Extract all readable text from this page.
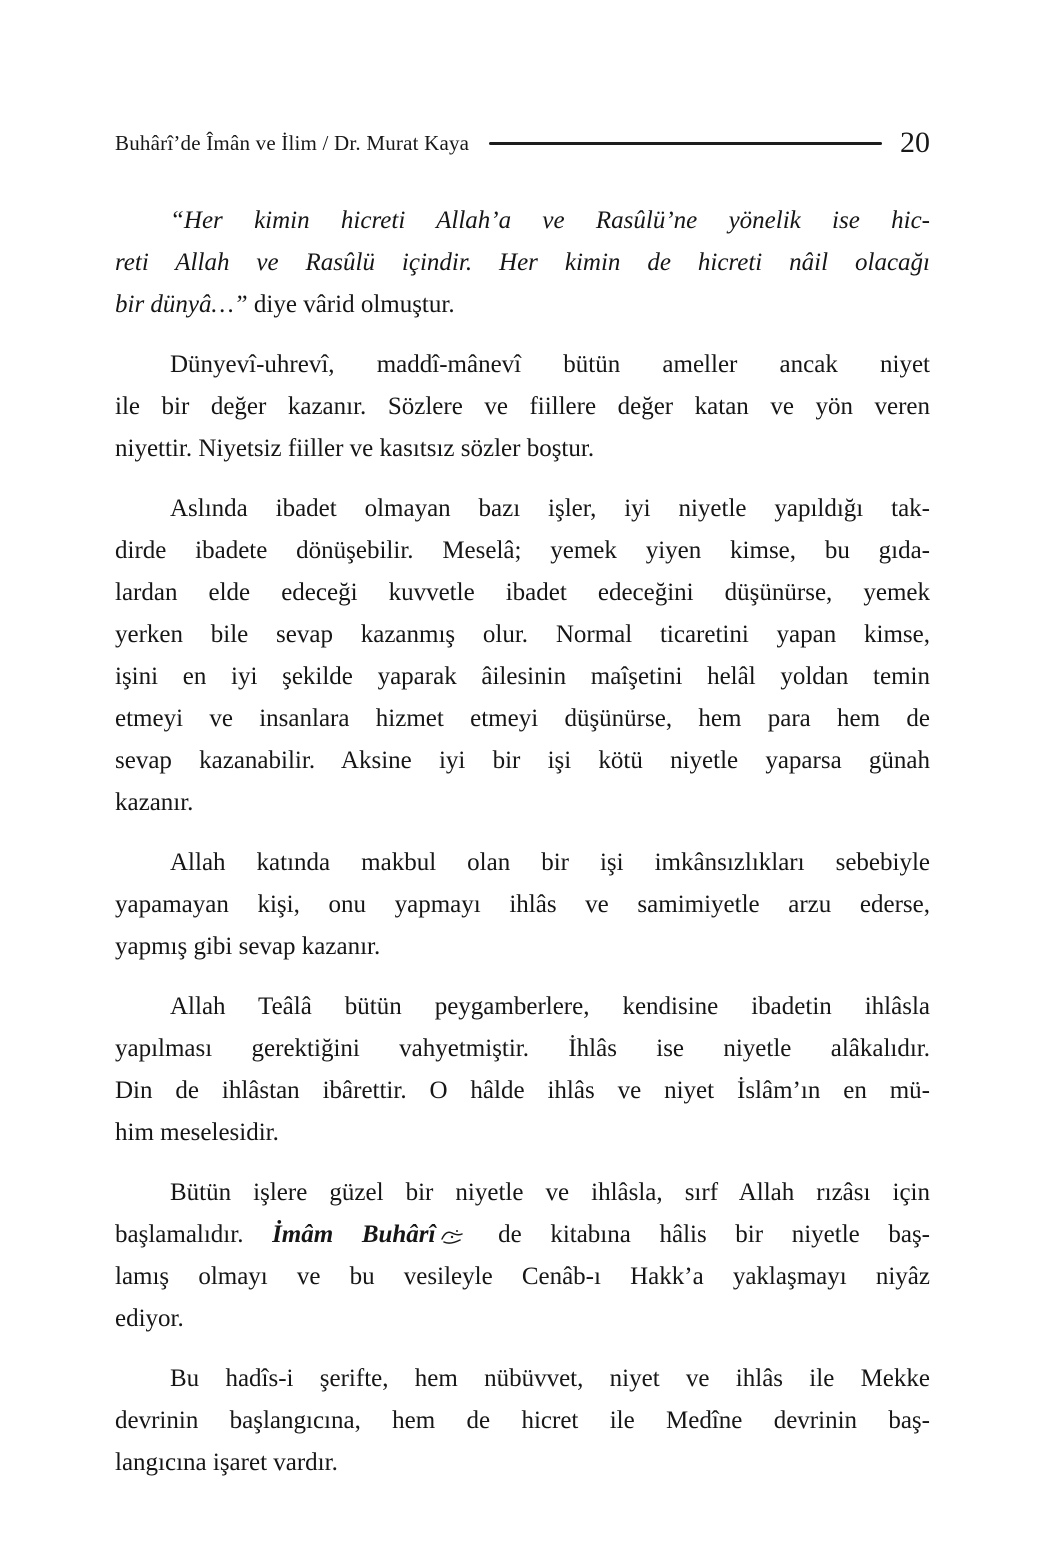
Buhârî’de Îmân ve İlim / Dr. Murat Kaya	20
“Her kimin hicreti Allah’a ve Rasûlü’ne yönelik ise hic-
reti Allah ve Rasûlü içindir. Her kimin de hicreti nâil olacağı
bir dünyâ…” diye vârid olmuştur.
Dünyevî-uhrevî, maddî-mânevî bütün ameller ancak niyet
ile bir değer kazanır. Sözlere ve fiillere değer katan ve yön veren
niyettir. Niyetsiz fiiller ve kasıtsız sözler boştur.
Aslında ibadet olmayan bazı işler, iyi niyetle yapıldığı tak-
dirde ibadete dönüşebilir. Meselâ; yemek yiyen kimse, bu gıda-
lardan elde edeceği kuvvetle ibadet edeceğini düşünürse, yemek
yerken bile sevap kazanmış olur. Normal ticaretini yapan kimse,
işini en iyi şekilde yaparak âilesinin maîşetini helâl yoldan temin
etmeyi ve insanlara hizmet etmeyi düşünürse, hem para hem de
sevap kazanabilir. Aksine iyi bir işi kötü niyetle yaparsa günah
kazanır.
Allah katında makbul olan bir işi imkânsızlıkları sebebiyle
yapamayan kişi, onu yapmayı ihlâs ve samimiyetle arzu ederse,
yapmış gibi sevap kazanır.
Allah Teâlâ bütün peygamberlere, kendisine ibadetin ihlâsla
yapılması gerektiğini vahyetmiştir. İhlâs ise niyetle alâkalıdır.
Din de ihlâstan ibârettir. O hâlde ihlâs ve niyet İslâm’ın en mü-
him meselesidir.
Bütün işlere güzel bir niyetle ve ihlâsla, sırf Allah rızâsı için
başlamalıdır. İmâm Buhârî de kitabına hâlis bir niyetle baş-
lamış olmayı ve bu vesileyle Cenâb-ı Hakk’a yaklaşmayı niyâz
ediyor.
Bu hadîs-i şerifte, hem nübüvvet, niyet ve ihlâs ile Mekke
devrinin başlangıcına, hem de hicret ile Medîne devrinin baş-
langıcına işaret vardır.
